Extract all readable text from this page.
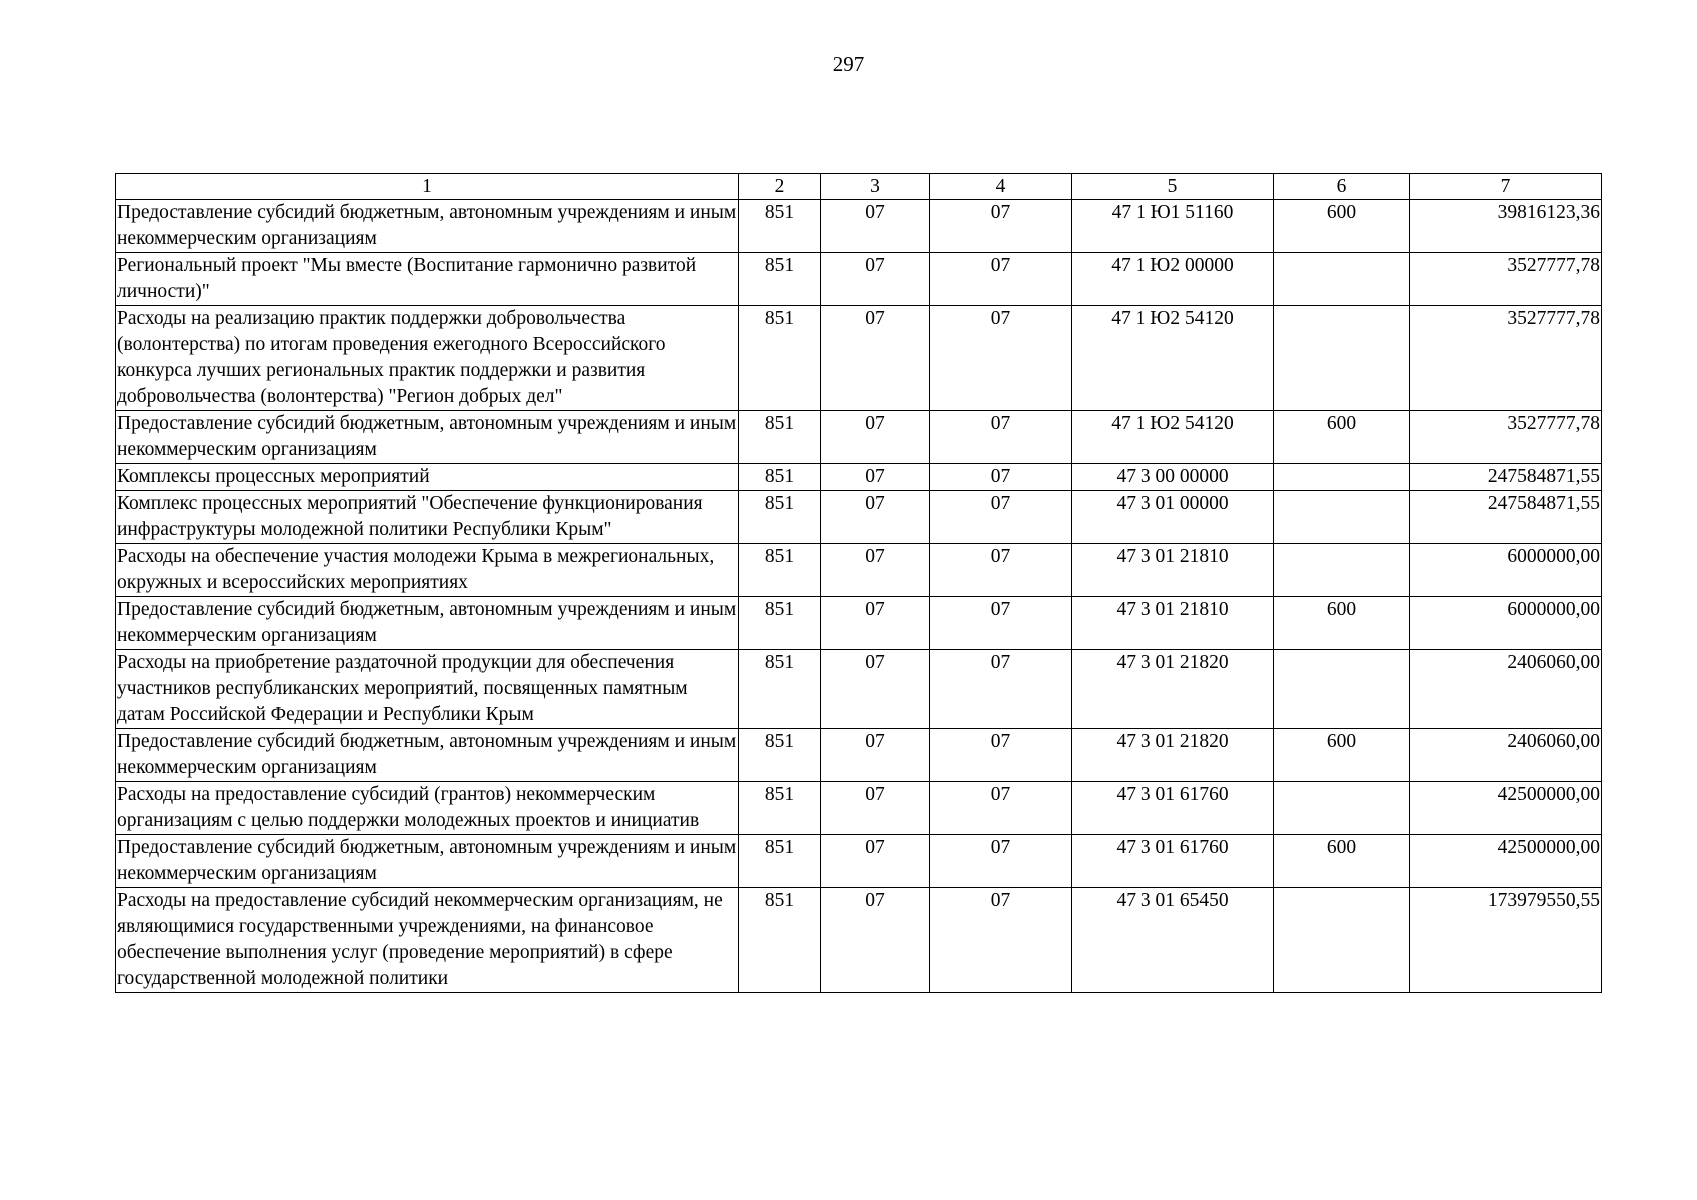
297
1	2	3	4	5	6	7
Предоставление субсидий бюджетным, автономным учреждениям и иным некоммерческим организациям	851	07	07	47 1 Ю1 51160	600	39816123,36
Региональный проект "Мы вместе (Воспитание гармонично развитой личности)"	851	07	07	47 1 Ю2 00000		3527777,78
Расходы на реализацию практик поддержки добровольчества (волонтерства) по итогам проведения ежегодного Всероссийского конкурса лучших региональных практик поддержки и развития добровольчества (волонтерства) "Регион добрых дел"	851	07	07	47 1 Ю2 54120		3527777,78
Предоставление субсидий бюджетным, автономным учреждениям и иным некоммерческим организациям	851	07	07	47 1 Ю2 54120	600	3527777,78
Комплексы процессных мероприятий	851	07	07	47 3 00 00000		247584871,55
Комплекс процессных мероприятий "Обеспечение функционирования инфраструктуры молодежной политики Республики Крым"	851	07	07	47 3 01 00000		247584871,55
Расходы на обеспечение участия молодежи Крыма в межрегиональных, окружных и всероссийских мероприятиях	851	07	07	47 3 01 21810		6000000,00
Предоставление субсидий бюджетным, автономным учреждениям и иным некоммерческим организациям	851	07	07	47 3 01 21810	600	6000000,00
Расходы на приобретение раздаточной продукции для обеспечения участников республиканских мероприятий, посвященных памятным датам Российской Федерации и Республики Крым	851	07	07	47 3 01 21820		2406060,00
Предоставление субсидий бюджетным, автономным учреждениям и иным некоммерческим организациям	851	07	07	47 3 01 21820	600	2406060,00
Расходы на предоставление субсидий (грантов) некоммерческим организациям с целью поддержки молодежных проектов и инициатив	851	07	07	47 3 01 61760		42500000,00
Предоставление субсидий бюджетным, автономным учреждениям и иным некоммерческим организациям	851	07	07	47 3 01 61760	600	42500000,00
Расходы на предоставление субсидий некоммерческим организациям, не являющимися государственными учреждениями, на финансовое обеспечение выполнения услуг (проведение мероприятий) в сфере государственной молодежной политики	851	07	07	47 3 01 65450		173979550,55
